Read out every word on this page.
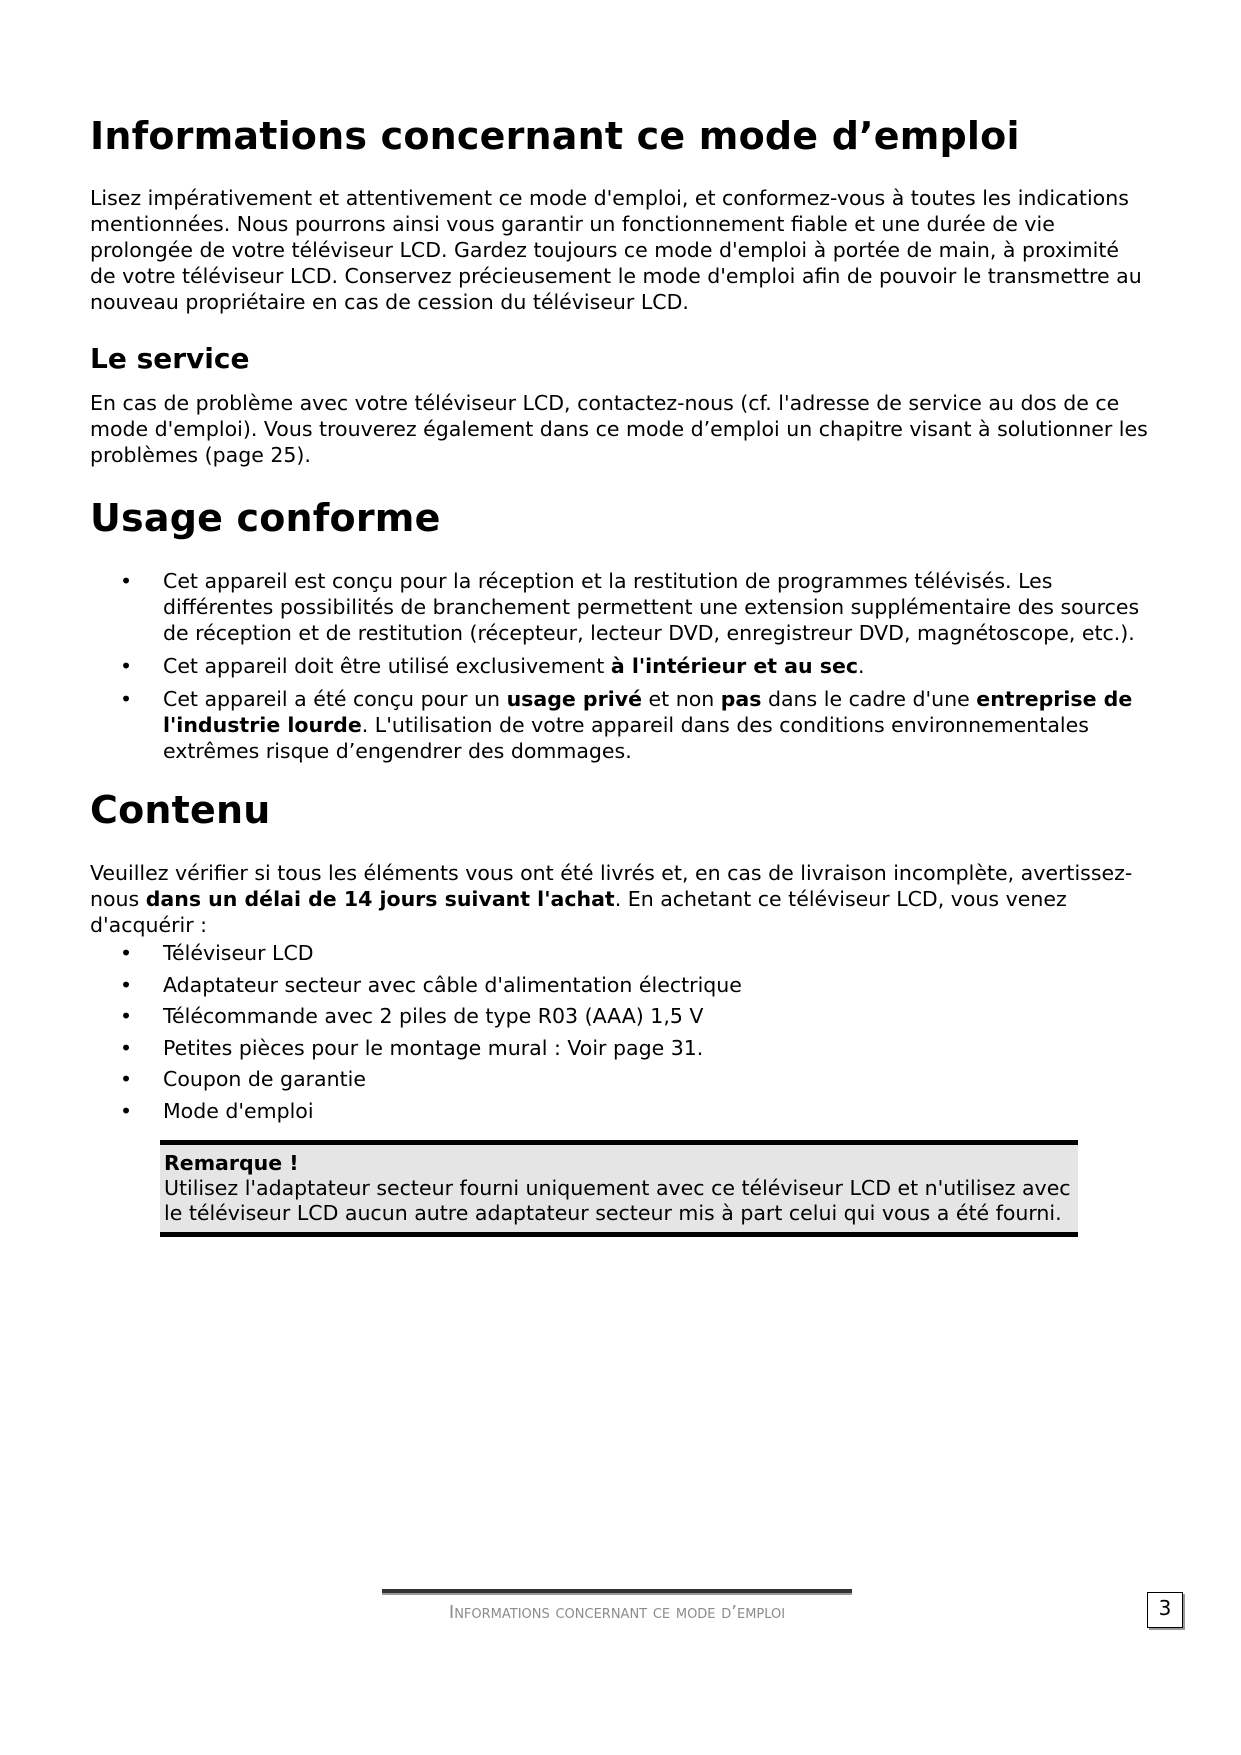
Informations concernant ce mode d’emploi

Lisez impérativement et attentivement ce mode d'emploi, et conformez-vous à toutes les indications mentionnées. Nous pourrons ainsi vous garantir un fonctionnement fiable et une durée de vie prolongée de votre téléviseur LCD. Gardez toujours ce mode d'emploi à portée de main, à proximité de votre téléviseur LCD. Conservez précieusement le mode d'emploi afin de pouvoir le transmettre au nouveau propriétaire en cas de cession du téléviseur LCD.

Le service

En cas de problème avec votre téléviseur LCD, contactez-nous (cf. l'adresse de service au dos de ce mode d'emploi). Vous trouverez également dans ce mode d’emploi un chapitre visant à solutionner les problèmes (page 25).

Usage conforme
• Cet appareil est conçu pour la réception et la restitution de programmes télévisés. Les différentes possibilités de branchement permettent une extension supplémentaire des sources de réception et de restitution (récepteur, lecteur DVD, enregistreur DVD, magnétoscope, etc.).
• Cet appareil doit être utilisé exclusivement à l'intérieur et au sec.
• Cet appareil a été conçu pour un usage privé et non pas dans le cadre d'une entreprise de l'industrie lourde. L'utilisation de votre appareil dans des conditions environnementales extrêmes risque d’engendrer des dommages.
Contenu

Veuillez vérifier si tous les éléments vous ont été livrés et, en cas de livraison incomplète, avertissez-nous dans un délai de 14 jours suivant l'achat. En achetant ce téléviseur LCD, vous venez d'acquérir :

• Téléviseur LCD
• Adaptateur secteur avec câble d'alimentation électrique
• Télécommande avec 2 piles de type R03 (AAA) 1,5 V
• Petites pièces pour le montage mural : Voir page 31.
• Coupon de garantie
• Mode d'emploi
Remarque !
Utilisez l'adaptateur secteur fourni uniquement avec ce téléviseur LCD et n'utilisez avec le téléviseur LCD aucun autre adaptateur secteur mis à part celui qui vous a été fourni.
Informations concernant ce mode d’emploi	3
